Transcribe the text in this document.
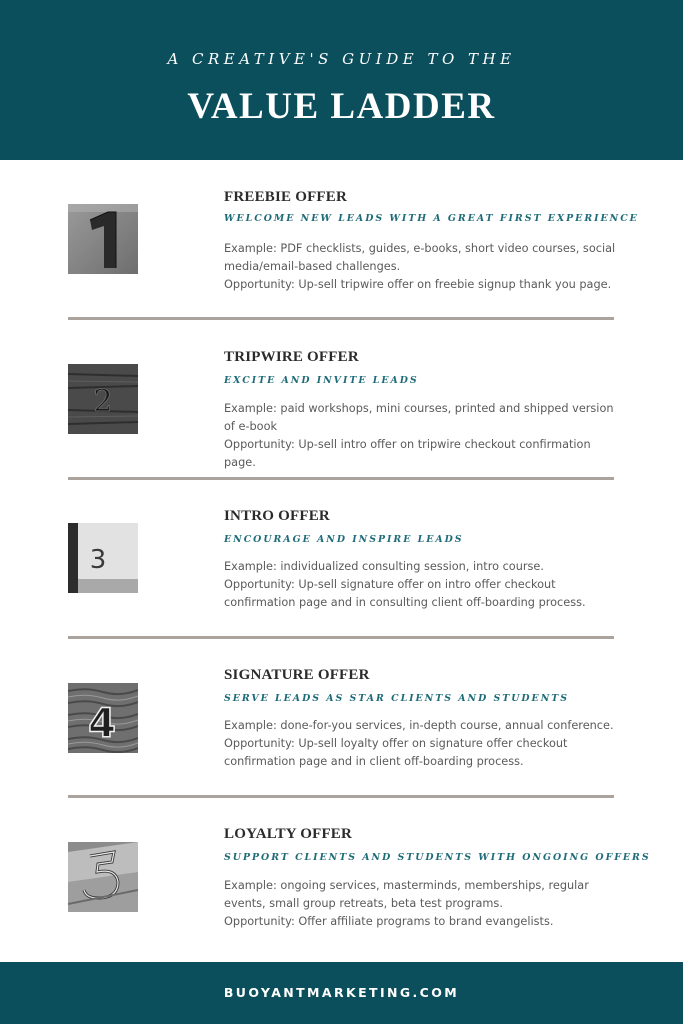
A CREATIVE'S GUIDE TO THE
VALUE LADDER
FREEBIE OFFER
WELCOME NEW LEADS WITH A GREAT FIRST EXPERIENCE

Example: PDF checklists, guides, e-books, short video courses, social media/email-based challenges.

Opportunity: Up-sell tripwire offer on freebie signup thank you page.

2
TRIPWIRE OFFER
EXCITE AND INVITE LEADS

Example: paid workshops, mini courses, printed and shipped version of e-book

Opportunity: Up-sell intro offer on tripwire checkout confirmation page.

3
INTRO OFFER
ENCOURAGE AND INSPIRE LEADS

Example: individualized consulting session, intro course.

Opportunity: Up-sell signature offer on intro offer checkout confirmation page and in consulting client off-boarding process.

4
SIGNATURE OFFER
SERVE LEADS AS STAR CLIENTS AND STUDENTS

Example: done-for-you services, in-depth course, annual conference.

Opportunity: Up-sell loyalty offer on signature offer checkout confirmation page and in client off-boarding process.

LOYALTY OFFER
SUPPORT CLIENTS AND STUDENTS WITH ONGOING OFFERS

Example: ongoing services, masterminds, memberships, regular events, small group retreats, beta test programs.

Opportunity: Offer affiliate programs to brand evangelists.

BUOYANTMARKETING.COM
